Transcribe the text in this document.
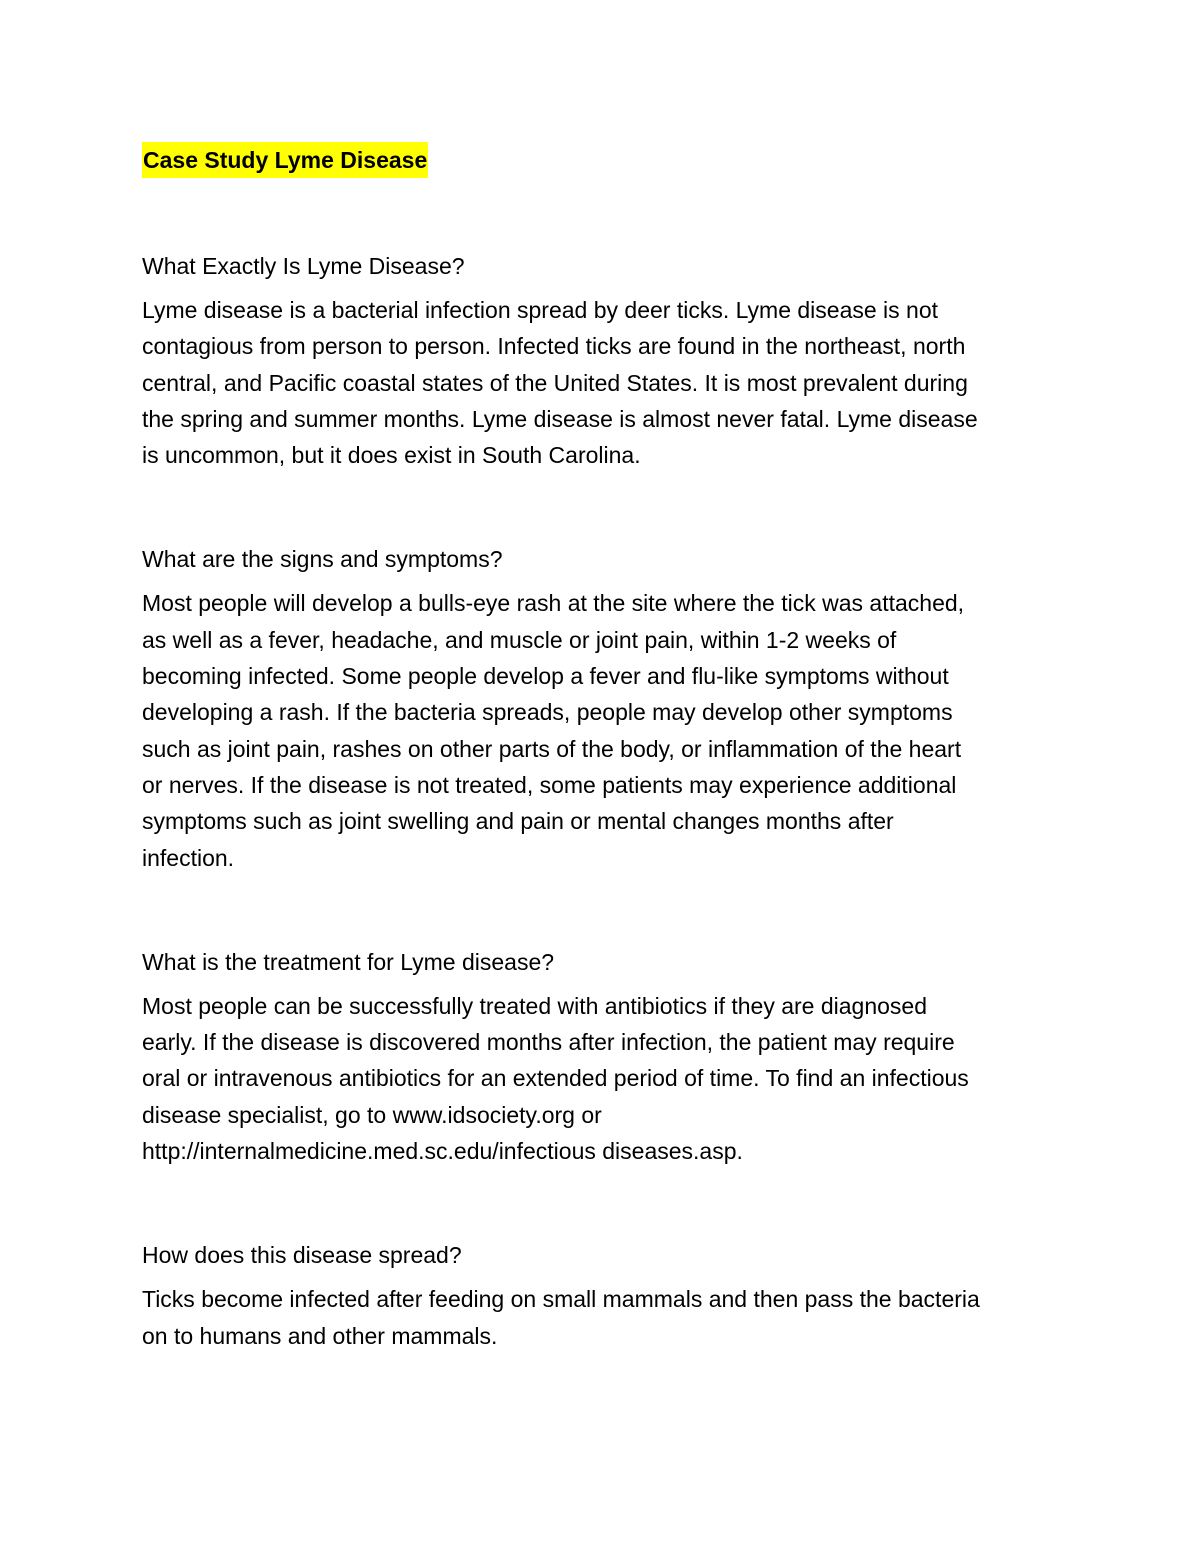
Case Study Lyme Disease

What Exactly Is Lyme Disease?

Lyme disease is a bacterial infection spread by deer ticks. Lyme disease is not
contagious from person to person. Infected ticks are found in the northeast, north
central, and Pacific coastal states of the United States. It is most prevalent during
the spring and summer months. Lyme disease is almost never fatal. Lyme disease
is uncommon, but it does exist in South Carolina.

What are the signs and symptoms?

Most people will develop a bulls-eye rash at the site where the tick was attached,
as well as a fever, headache, and muscle or joint pain, within 1-2 weeks of
becoming infected. Some people develop a fever and flu-like symptoms without
developing a rash. If the bacteria spreads, people may develop other symptoms
such as joint pain, rashes on other parts of the body, or inflammation of the heart
or nerves. If the disease is not treated, some patients may experience additional
symptoms such as joint swelling and pain or mental changes months after
infection.

What is the treatment for Lyme disease?

Most people can be successfully treated with antibiotics if they are diagnosed
early. If the disease is discovered months after infection, the patient may require
oral or intravenous antibiotics for an extended period of time. To find an infectious
disease specialist, go to www.idsociety.org or
http://internalmedicine.med.sc.edu/infectious diseases.asp.

How does this disease spread?

Ticks become infected after feeding on small mammals and then pass the bacteria
on to humans and other mammals.
